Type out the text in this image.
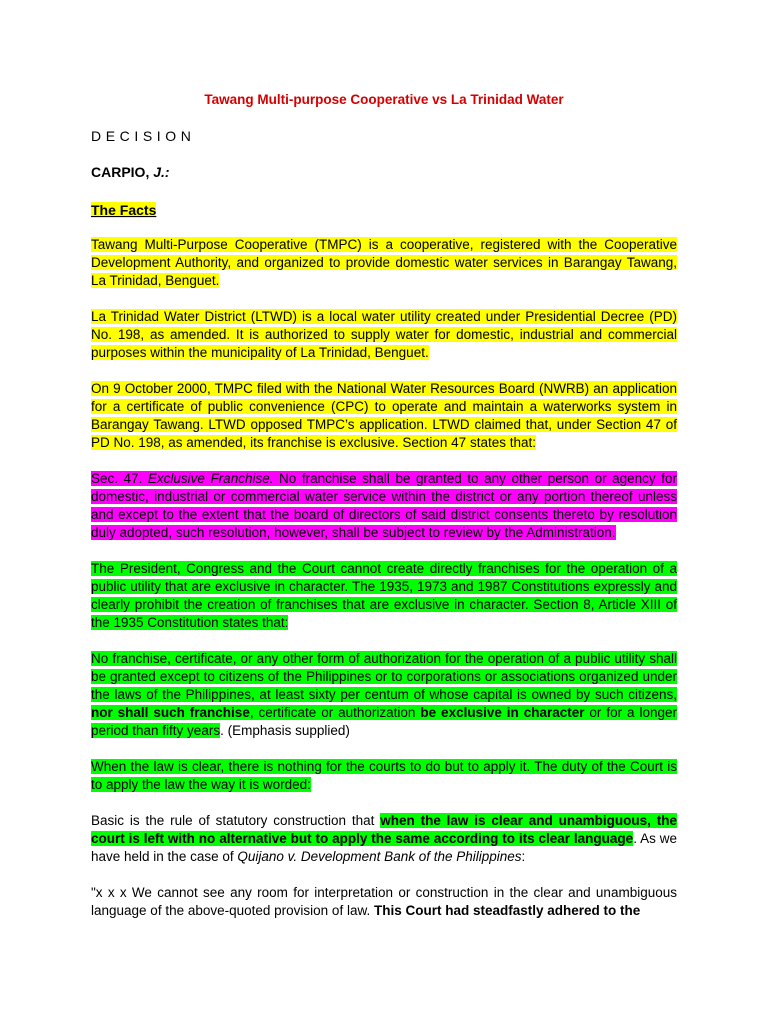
Tawang Multi-purpose Cooperative vs La Trinidad Water
DECISION
CARPIO, J.:
The Facts
Tawang Multi-Purpose Cooperative (TMPC) is a cooperative, registered with the Cooperative Development Authority, and organized to provide domestic water services in Barangay Tawang, La Trinidad, Benguet.
La Trinidad Water District (LTWD) is a local water utility created under Presidential Decree (PD) No. 198, as amended. It is authorized to supply water for domestic, industrial and commercial purposes within the municipality of La Trinidad, Benguet.
On 9 October 2000, TMPC filed with the National Water Resources Board (NWRB) an application for a certificate of public convenience (CPC) to operate and maintain a waterworks system in Barangay Tawang. LTWD opposed TMPC’s application. LTWD claimed that, under Section 47 of PD No. 198, as amended, its franchise is exclusive. Section 47 states that:
Sec. 47. Exclusive Franchise. No franchise shall be granted to any other person or agency for domestic, industrial or commercial water service within the district or any portion thereof unless and except to the extent that the board of directors of said district consents thereto by resolution duly adopted, such resolution, however, shall be subject to review by the Administration.
The President, Congress and the Court cannot create directly franchises for the operation of a public utility that are exclusive in character. The 1935, 1973 and 1987 Constitutions expressly and clearly prohibit the creation of franchises that are exclusive in character. Section 8, Article XIII of the 1935 Constitution states that:
No franchise, certificate, or any other form of authorization for the operation of a public utility shall be granted except to citizens of the Philippines or to corporations or associations organized under the laws of the Philippines, at least sixty per centum of whose capital is owned by such citizens, nor shall such franchise, certificate or authorization be exclusive in character or for a longer period than fifty years. (Emphasis supplied)
When the law is clear, there is nothing for the courts to do but to apply it. The duty of the Court is to apply the law the way it is worded:
Basic is the rule of statutory construction that when the law is clear and unambiguous, the court is left with no alternative but to apply the same according to its clear language. As we have held in the case of Quijano v. Development Bank of the Philippines:
"x x x We cannot see any room for interpretation or construction in the clear and unambiguous language of the above-quoted provision of law. This Court had steadfastly adhered to the
